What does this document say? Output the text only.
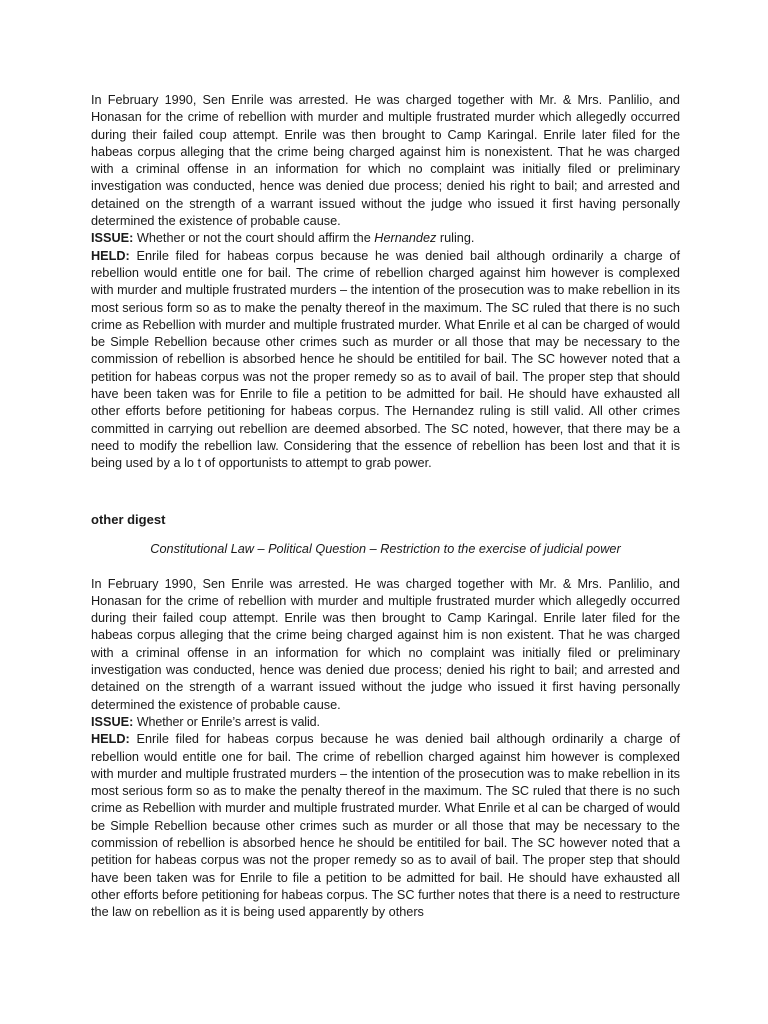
In February 1990, Sen Enrile was arrested. He was charged together with Mr. & Mrs. Panlilio, and Honasan for the crime of rebellion with murder and multiple frustrated murder which allegedly occurred during their failed coup attempt. Enrile was then brought to Camp Karingal. Enrile later filed for the habeas corpus alleging that the crime being charged against him is nonexistent. That he was charged with a criminal offense in an information for which no complaint was initially filed or preliminary investigation was conducted, hence was denied due process; denied his right to bail; and arrested and detained on the strength of a warrant issued without the judge who issued it first having personally determined the existence of probable cause.

ISSUE: Whether or not the court should affirm the Hernandez ruling.

HELD: Enrile filed for habeas corpus because he was denied bail although ordinarily a charge of rebellion would entitle one for bail. The crime of rebellion charged against him however is complexed with murder and multiple frustrated murders – the intention of the prosecution was to make rebellion in its most serious form so as to make the penalty thereof in the maximum. The SC ruled that there is no such crime as Rebellion with murder and multiple frustrated murder. What Enrile et al can be charged of would be Simple Rebellion because other crimes such as murder or all those that may be necessary to the commission of rebellion is absorbed hence he should be entitiled for bail. The SC however noted that a petition for habeas corpus was not the proper remedy so as to avail of bail. The proper step that should have been taken was for Enrile to file a petition to be admitted for bail. He should have exhausted all other efforts before petitioning for habeas corpus. The Hernandez ruling is still valid. All other crimes committed in carrying out rebellion are deemed absorbed. The SC noted, however, that there may be a need to modify the rebellion law. Considering that the essence of rebellion has been lost and that it is being used by a lo t of opportunists to attempt to grab power.

other digest

Constitutional Law – Political Question – Restriction to the exercise of judicial power

In February 1990, Sen Enrile was arrested. He was charged together with Mr. & Mrs. Panlilio, and Honasan for the crime of rebellion with murder and multiple frustrated murder which allegedly occurred during their failed coup attempt. Enrile was then brought to Camp Karingal. Enrile later filed for the habeas corpus alleging that the crime being charged against him is non existent. That he was charged with a criminal offense in an information for which no complaint was initially filed or preliminary investigation was conducted, hence was denied due process; denied his right to bail; and arrested and detained on the strength of a warrant issued without the judge who issued it first having personally determined the existence of probable cause.

ISSUE: Whether or Enrile’s arrest is valid.

HELD: Enrile filed for habeas corpus because he was denied bail although ordinarily a charge of rebellion would entitle one for bail. The crime of rebellion charged against him however is complexed with murder and multiple frustrated murders – the intention of the prosecution was to make rebellion in its most serious form so as to make the penalty thereof in the maximum. The SC ruled that there is no such crime as Rebellion with murder and multiple frustrated murder. What Enrile et al can be charged of would be Simple Rebellion because other crimes such as murder or all those that may be necessary to the commission of rebellion is absorbed hence he should be entitiled for bail. The SC however noted that a petition for habeas corpus was not the proper remedy so as to avail of bail. The proper step that should have been taken was for Enrile to file a petition to be admitted for bail. He should have exhausted all other efforts before petitioning for habeas corpus. The SC further notes that there is a need to restructure the law on rebellion as it is being used apparently by others
